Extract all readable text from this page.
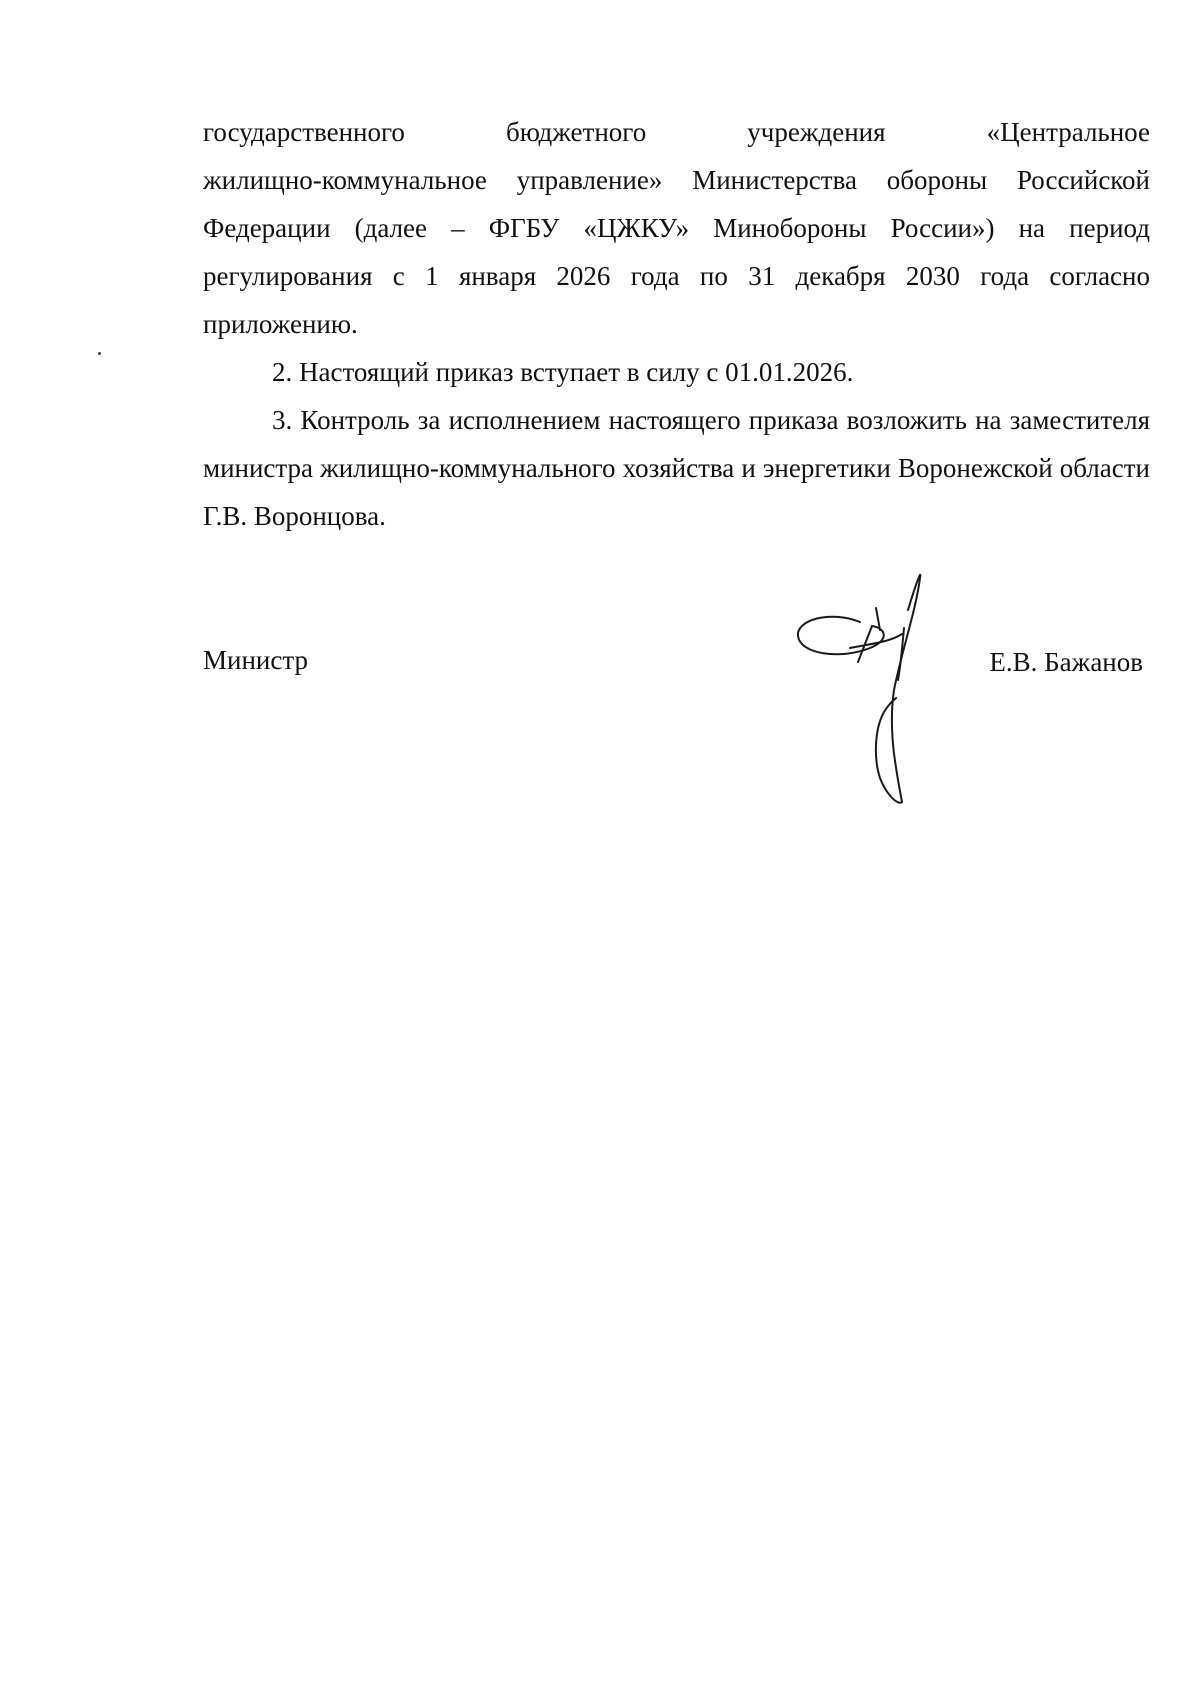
государственного бюджетного учреждения «Центральное
жилищно-коммунальное управление» Министерства обороны Российской Федерации (далее – ФГБУ «ЦЖКУ» Минобороны России») на период регулирования с 1 января 2026 года по 31 декабря 2030 года согласно приложению.

2. Настоящий приказ вступает в силу с 01.01.2026.

3. Контроль за исполнением настоящего приказа возложить на заместителя министра жилищно-коммунального хозяйства и энергетики Воронежской области Г.В. Воронцова.

Министр	Е.В. Бажанов
